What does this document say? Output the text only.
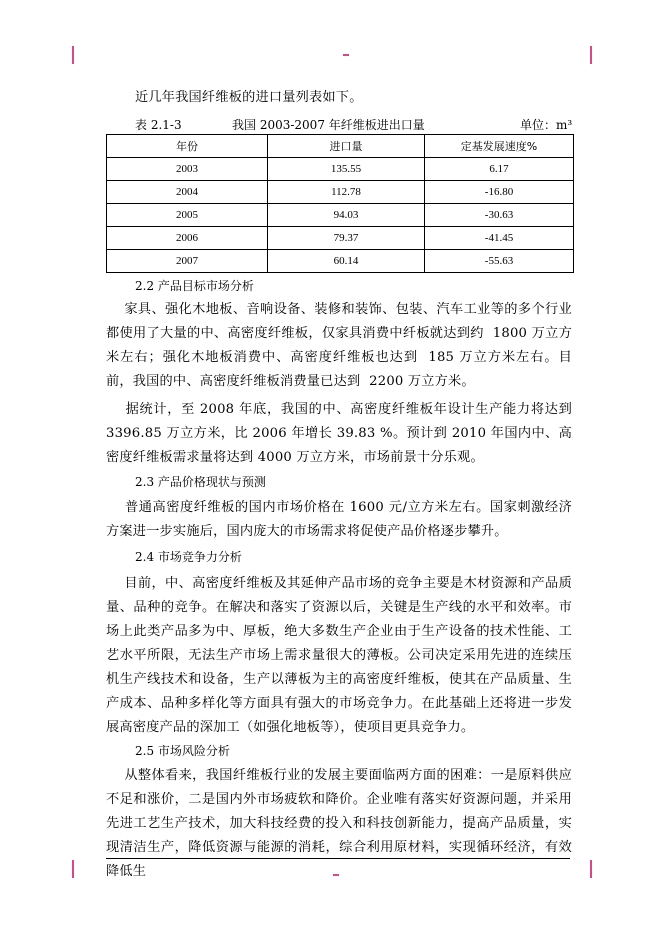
近几年我国纤维板的进口量列表如下。
表 2.1-3	我国 2003-2007 年纤维板进出口量	单位：m³
年份	进口量	定基发展速度%
2003	135.55	6.17
2004	112.78	-16.80
2005	94.03	-30.63
2006	79.37	-41.45
2007	60.14	-55.63
2.2 产品目标市场分析
家具、强化木地板、音响设备、装修和装饰、包装、汽车工业等的多个行业都使用了大量的中、高密度纤维板，仅家具消费中纤板就达到约  1800 万立方米左右；强化木地板消费中、高密度纤维板也达到  185 万立方米左右。目前，我国的中、高密度纤维板消费量已达到  2200 万立方米。
据统计，至 2008 年底，我国的中、高密度纤维板年设计生产能力将达到 3396.85 万立方米，比 2006 年增长 39.83 %。预计到 2010 年国内中、高密度纤维板需求量将达到 4000 万立方米，市场前景十分乐观。
2.3 产品价格现状与预测
普通高密度纤维板的国内市场价格在 1600 元/立方米左右。国家刺激经济方案进一步实施后，国内庞大的市场需求将促使产品价格逐步攀升。
2.4 市场竞争力分析
目前，中、高密度纤维板及其延伸产品市场的竞争主要是木材资源和产品质量、品种的竞争。在解决和落实了资源以后，关键是生产线的水平和效率。市场上此类产品多为中、厚板，绝大多数生产企业由于生产设备的技术性能、工艺水平所限，无法生产市场上需求量很大的薄板。公司决定采用先进的连续压机生产线技术和设备，生产以薄板为主的高密度纤维板，使其在产品质量、生产成本、品种多样化等方面具有强大的市场竞争力。在此基础上还将进一步发展高密度产品的深加工（如强化地板等），使项目更具竞争力。
2.5 市场风险分析
从整体看来，我国纤维板行业的发展主要面临两方面的困难：一是原料供应不足和涨价，二是国内外市场疲软和降价。企业唯有落实好资源问题，并采用先进工艺生产技术，加大科技经费的投入和科技创新能力，提高产品质量，实现清洁生产，降低资源与能源的消耗，综合利用原材料，实现循环经济，有效降低生
